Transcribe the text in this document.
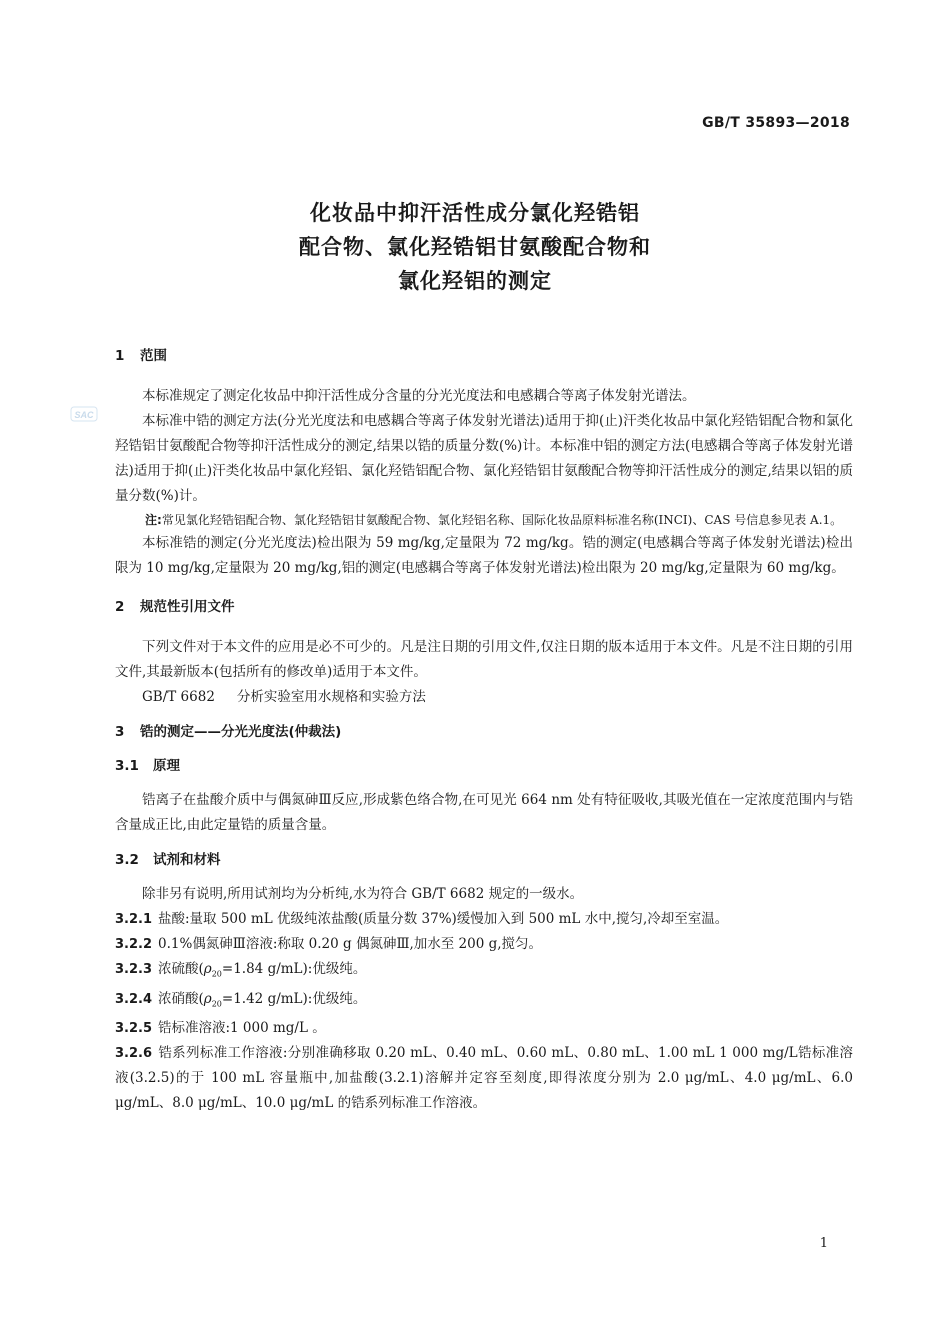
GB/T 35893—2018
化妆品中抑汗活性成分氯化羟锆铝
配合物、氯化羟锆铝甘氨酸配合物和
氯化羟铝的测定
SAC
1 范围

本标准规定了测定化妆品中抑汗活性成分含量的分光光度法和电感耦合等离子体发射光谱法。

本标准中锆的测定方法(分光光度法和电感耦合等离子体发射光谱法)适用于抑(止)汗类化妆品中氯化羟锆铝配合物和氯化羟锆铝甘氨酸配合物等抑汗活性成分的测定,结果以锆的质量分数(%)计。本标准中铝的测定方法(电感耦合等离子体发射光谱法)适用于抑(止)汗类化妆品中氯化羟铝、氯化羟锆铝配合物、氯化羟锆铝甘氨酸配合物等抑汗活性成分的测定,结果以铝的质量分数(%)计。

注:常见氯化羟锆铝配合物、氯化羟锆铝甘氨酸配合物、氯化羟铝名称、国际化妆品原料标准名称(INCI)、CAS 号信息参见表 A.1。

本标准锆的测定(分光光度法)检出限为 59 mg/kg,定量限为 72 mg/kg。锆的测定(电感耦合等离子体发射光谱法)检出限为 10 mg/kg,定量限为 20 mg/kg,铝的测定(电感耦合等离子体发射光谱法)检出限为 20 mg/kg,定量限为 60 mg/kg。

2 规范性引用文件

下列文件对于本文件的应用是必不可少的。凡是注日期的引用文件,仅注日期的版本适用于本文件。凡是不注日期的引用文件,其最新版本(包括所有的修改单)适用于本文件。

GB/T 6682 分析实验室用水规格和实验方法
3 锆的测定——分光光度法(仲裁法)
3.1 原理

锆离子在盐酸介质中与偶氮砷Ⅲ反应,形成紫色络合物,在可见光 664 nm 处有特征吸收,其吸光值在一定浓度范围内与锆含量成正比,由此定量锆的质量含量。

3.2 试剂和材料

除非另有说明,所用试剂均为分析纯,水为符合 GB/T 6682 规定的一级水。

3.2.1 盐酸:量取 500 mL 优级纯浓盐酸(质量分数 37%)缓慢加入到 500 mL 水中,搅匀,冷却至室温。
3.2.2 0.1%偶氮砷Ⅲ溶液:称取 0.20 g 偶氮砷Ⅲ,加水至 200 g,搅匀。
3.2.3 浓硫酸($\rho_{20}=1.84$ g/mL):优级纯。
3.2.4 浓硝酸($\rho_{20}=1.42$ g/mL):优级纯。
3.2.5 锆标准溶液:1 000 mg/L 。

3.2.6 锆系列标准工作溶液:分别准确移取 0.20 mL、0.40 mL、0.60 mL、0.80 mL、1.00 mL 1 000 mg/L锆标准溶液(3.2.5)的于 100 mL 容量瓶中,加盐酸(3.2.1)溶解并定容至刻度,即得浓度分别为 2.0 μg/mL、4.0 μg/mL、6.0 μg/mL、8.0 μg/mL、10.0 μg/mL 的锆系列标准工作溶液。

1
